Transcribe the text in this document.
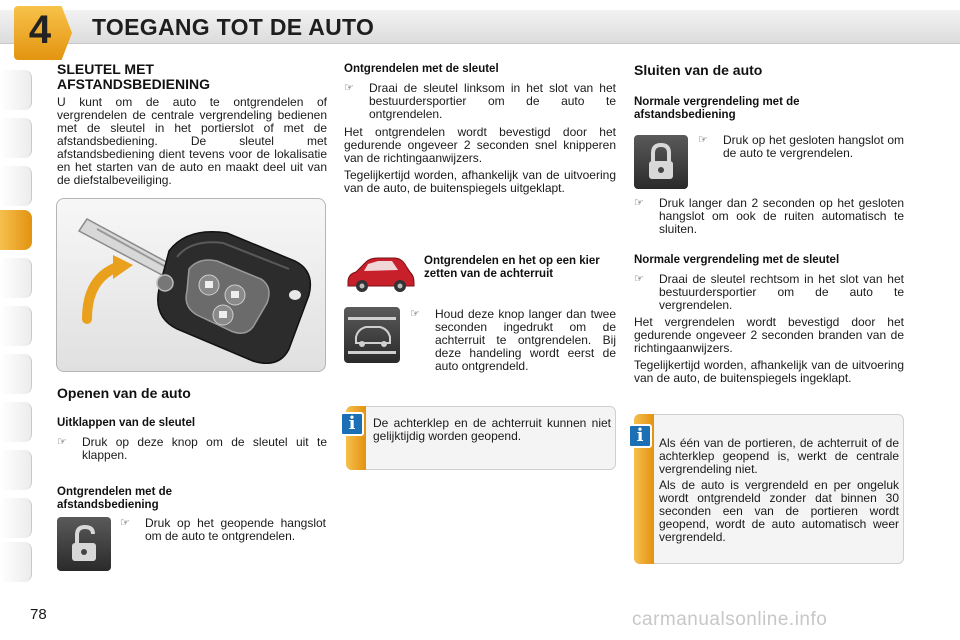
4 TOEGANG TOT DE AUTO
SLEUTEL MET AFSTANDSBEDIENING

U kunt om de auto te ontgrendelen of vergrendelen de centrale vergrendeling bedienen met de sleutel in het portierslot of met de afstandsbediening. De sleutel met afstandsbediening dient tevens voor de lokalisatie en het starten van de auto en maakt deel uit van de diefstalbeveiliging.

Openen van de auto
Uitklappen van de sleutel
☞ Druk op deze knop om de sleutel uit te klappen.
Ontgrendelen met de afstandsbediening
☞ Druk op het geopende hangslot om de auto te ontgrendelen.
Ontgrendelen met de sleutel
☞ Draai de sleutel linksom in het slot van het bestuurdersportier om de auto te ontgrendelen.

Het ontgrendelen wordt bevestigd door het gedurende ongeveer 2 seconden snel knipperen van de richtingaanwijzers.

Tegelijkertijd worden, afhankelijk van de uitvoering van de auto, de buitenspiegels uitgeklapt.

Ontgrendelen en het op een kier zetten van de achterruit
☞ Houd deze knop langer dan twee seconden ingedrukt om de achterruit te ontgrendelen. Bij deze handeling wordt eerst de auto ontgrendeld.

De achterklep en de achterruit kunnen niet gelijktijdig worden geopend.

i
Sluiten van de auto
Normale vergrendeling met de afstandsbediening
☞ Druk op het gesloten hangslot om de auto te vergrendelen.
☞ Druk langer dan 2 seconden op het gesloten hangslot om ook de ruiten automatisch te sluiten.
Normale vergrendeling met de sleutel
☞ Draai de sleutel rechtsom in het slot van het bestuurdersportier om de auto te vergrendelen.

Het vergrendelen wordt bevestigd door het gedurende ongeveer 2 seconden branden van de richtingaanwijzers.

Tegelijkertijd worden, afhankelijk van de uitvoering van de auto, de buitenspiegels ingeklapt.

Als één van de portieren, de achterruit of de achterklep geopend is, werkt de centrale vergrendeling niet.

Als de auto is vergrendeld en per ongeluk wordt ontgrendeld zonder dat binnen 30 seconden een van de portieren wordt geopend, wordt de auto automatisch weer vergrendeld.

i
78	carmanualsonline.info
